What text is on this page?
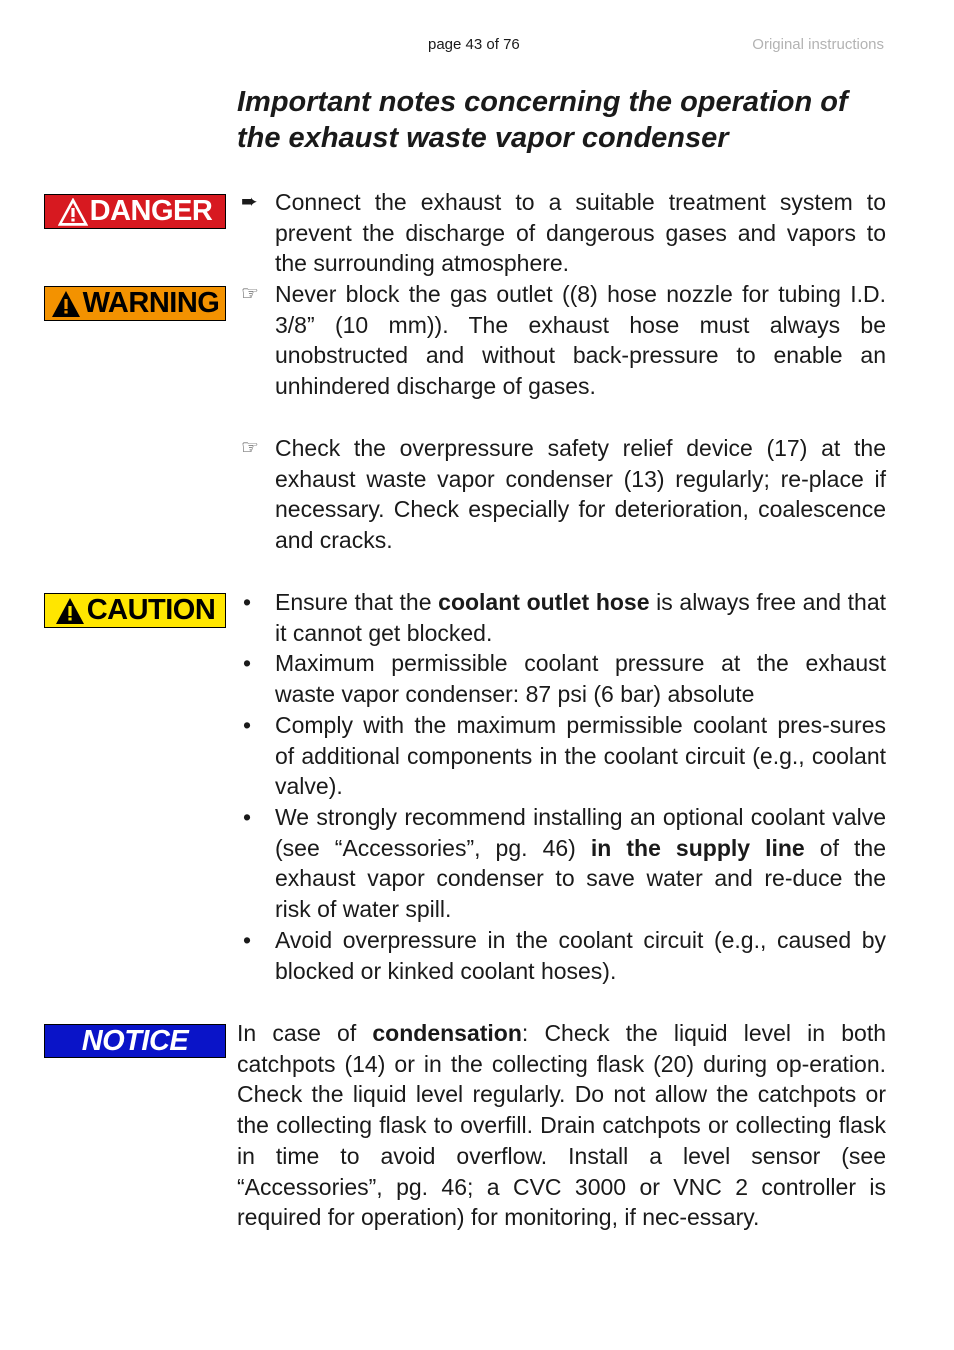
page 43 of 76	Original instructions
Important notes concerning the operation of the exhaust waste vapor condenser
DANGER
WARNING
CAUTION
NOTICE
➨ Connect the exhaust to a suitable treatment system to prevent the discharge of dangerous gases and vapors to the surrounding atmosphere.
☞ Never block the gas outlet ((8) hose nozzle for tubing I.D. 3/8” (10 mm)). The exhaust hose must always be unobstructed and without back-pressure to enable an unhindered discharge of gases.
☞ Check the overpressure safety relief device (17) at the exhaust waste vapor condenser (13) regularly; re-place if necessary. Check especially for deterioration, coalescence and cracks.
•	Ensure that the coolant outlet hose is always free and that it cannot get blocked.
•	Maximum permissible coolant pressure at the exhaust waste vapor condenser: 87 psi (6 bar) absolute
•	Comply with the maximum permissible coolant pres-sures of additional components in the coolant circuit (e.g., coolant valve).
•	We strongly recommend installing an optional coolant valve (see “Accessories”, pg. 46) in the supply line of the exhaust vapor condenser to save water and re-duce the risk of water spill.
•	Avoid overpressure in the coolant circuit (e.g., caused by blocked or kinked coolant hoses).
In case of condensation: Check the liquid level in both catchpots (14) or in the collecting flask (20) during op-eration. Check the liquid level regularly. Do not allow the catchpots or the collecting flask to overfill. Drain catchpots or collecting flask in time to avoid overflow. Install a level sensor (see “Accessories”, pg. 46; a CVC 3000 or VNC 2 controller is required for operation) for monitoring, if nec-essary.
